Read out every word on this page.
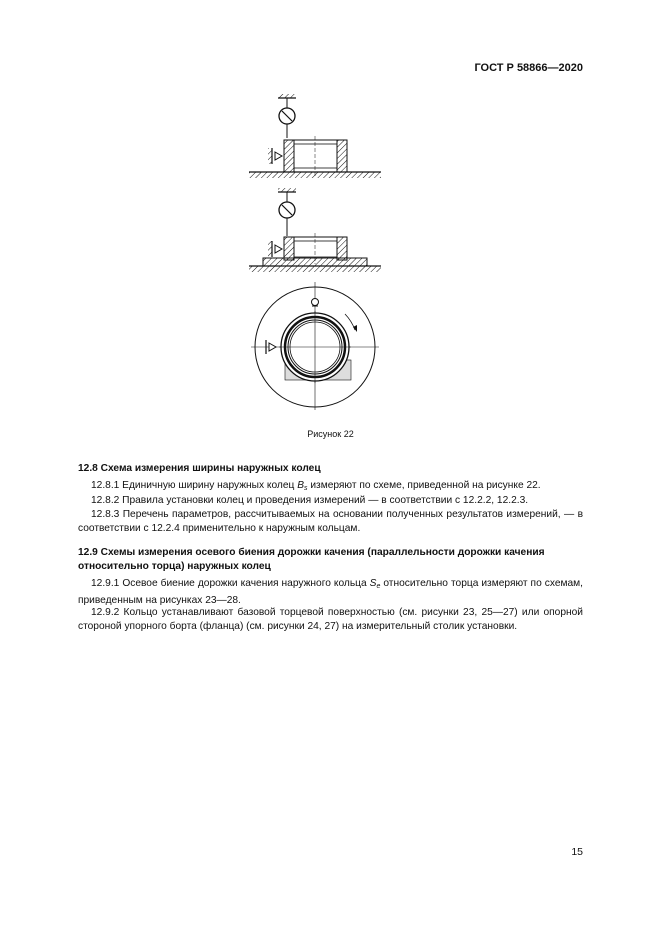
ГОСТ Р 58866—2020
Рисунок 22
12.8 Схема измерения ширины наружных колец
12.8.1 Единичную ширину наружных колец $B_s$ измеряют по схеме, приведенной на рисунке 22.
12.8.2 Правила установки колец и проведения измерений — в соответствии с 12.2.2, 12.2.3.
12.8.3 Перечень параметров, рассчитываемых на основании полученных результатов измерений, — в соответствии с 12.2.4 применительно к наружным кольцам.
12.9 Схемы измерения осевого биения дорожки качения (параллельности дорожки качения относительно торца) наружных колец
12.9.1 Осевое биение дорожки качения наружного кольца $S_e$ относительно торца измеряют по схемам, приведенным на рисунках 23—28.
12.9.2 Кольцо устанавливают базовой торцевой поверхностью (см. рисунки 23, 25—27) или опорной стороной упорного борта (фланца) (см. рисунки 24, 27) на измерительный столик установки.
15
